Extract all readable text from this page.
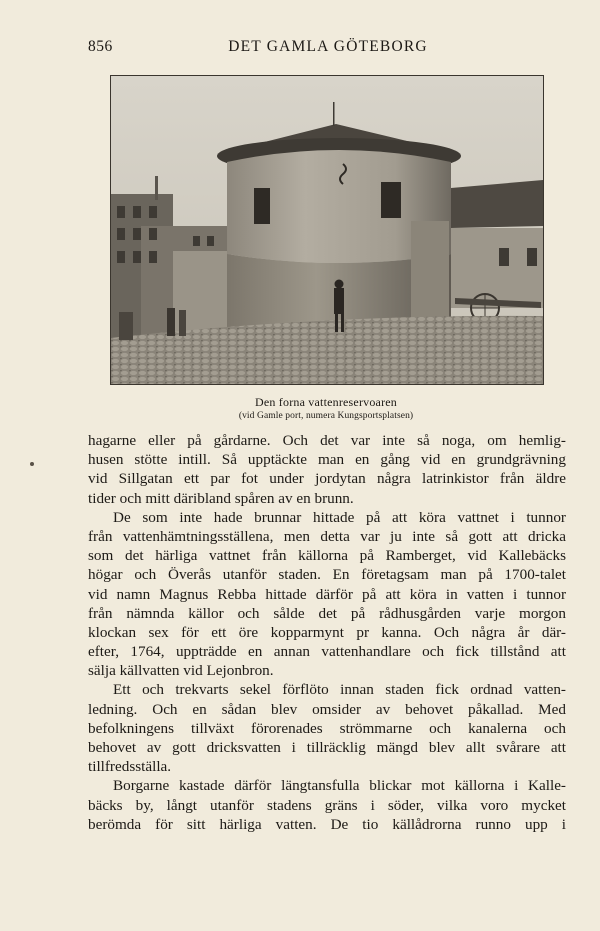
856	DET GAMLA GÖTEBORG
Den forna vattenreservoaren
(vid Gamle port, numera Kungsportsplatsen)
hagarne eller på gårdarne. Och det var inte så noga, om hemlig-
husen stötte intill. Så upptäckte man en gång vid en grundgrävning
vid Sillgatan ett par fot under jordytan några latrinkistor från äldre
tider och mitt däribland spåren av en brunn.
De som inte hade brunnar hittade på att köra vattnet i tunnor
från vattenhämtningsställena, men detta var ju inte så gott att dricka
som det härliga vattnet från källorna på Ramberget, vid Kallebäcks
högar och Överås utanför staden. En företagsam man på 1700-talet
vid namn Magnus Rebba hittade därför på att köra in vatten i tunnor
från nämnda källor och sålde det på rådhusgården varje morgon
klockan sex för ett öre kopparmynt pr kanna. Och några år där-
efter, 1764, uppträdde en annan vattenhandlare och fick tillstånd att
sälja källvatten vid Lejonbron.
Ett och trekvarts sekel förflöto innan staden fick ordnad vatten-
ledning. Och en sådan blev omsider av behovet påkallad. Med
befolkningens tillväxt förorenades strömmarne och kanalerna och
behovet av gott dricksvatten i tillräcklig mängd blev allt svårare att
tillfredsställa.
Borgarne kastade därför längtansfulla blickar mot källorna i Kalle-
bäcks by, långt utanför stadens gräns i söder, vilka voro mycket
berömda för sitt härliga vatten. De tio källådrorna runno upp i
